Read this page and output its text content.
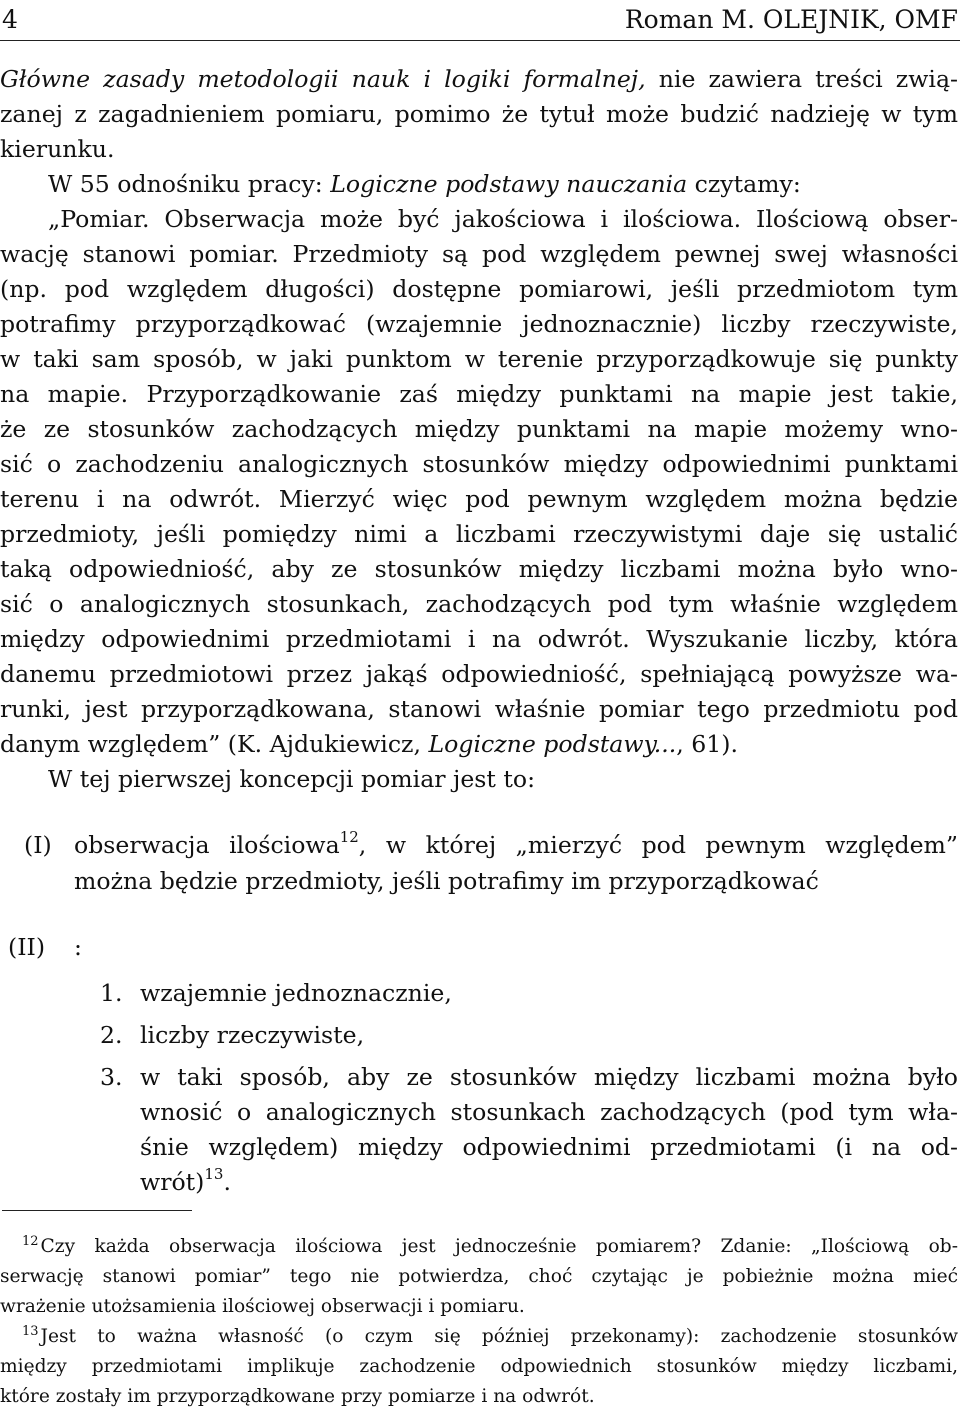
4	Roman M. OLEJNIK, OMF
Główne zasady metodologii nauk i logiki formalnej, nie zawiera treści zwią-
zanej z zagadnieniem pomiaru, pomimo że tytuł może budzić nadzieję w tym
kierunku.
W 55 odnośniku pracy: Logiczne podstawy nauczania czytamy:
„Pomiar. Obserwacja może być jakościowa i ilościowa. Ilościową obser-
wację stanowi pomiar. Przedmioty są pod względem pewnej swej własności
(np. pod względem długości) dostępne pomiarowi, jeśli przedmiotom tym
potrafimy przyporządkować (wzajemnie jednoznacznie) liczby rzeczywiste,
w taki sam sposób, w jaki punktom w terenie przyporządkowuje się punkty
na mapie. Przyporządkowanie zaś między punktami na mapie jest takie,
że ze stosunków zachodzących między punktami na mapie możemy wno-
sić o zachodzeniu analogicznych stosunków między odpowiednimi punktami
terenu i na odwrót. Mierzyć więc pod pewnym względem można będzie
przedmioty, jeśli pomiędzy nimi a liczbami rzeczywistymi daje się ustalić
taką odpowiedniość, aby ze stosunków między liczbami można było wno-
sić o analogicznych stosunkach, zachodzących pod tym właśnie względem
między odpowiednimi przedmiotami i na odwrót. Wyszukanie liczby, która
danemu przedmiotowi przez jakąś odpowiedniość, spełniającą powyższe wa-
runki, jest przyporządkowana, stanowi właśnie pomiar tego przedmiotu pod
danym względem” (K. Ajdukiewicz, Logiczne podstawy..., 61).
W tej pierwszej koncepcji pomiar jest to:
(I) obserwacja ilościowa$^{12}$, w której „mierzyć pod pewnym względem”
można będzie przedmioty, jeśli potrafimy im przyporządkować
(II) :
1. wzajemnie jednoznacznie,
2. liczby rzeczywiste,
3. w taki sposób, aby ze stosunków między liczbami można było
wnosić o analogicznych stosunkach zachodzących (pod tym wła-
śnie względem) między odpowiednimi przedmiotami (i na od-
wrót)$^{13}$.
$^{12}$ Czy każda obserwacja ilościowa jest jednocześnie pomiarem? Zdanie: „Ilościową ob-
serwację stanowi pomiar” tego nie potwierdza, choć czytając je pobieżnie można mieć
wrażenie utożsamienia ilościowej obserwacji i pomiaru.
$^{13}$ Jest to ważna własność (o czym się później przekonamy): zachodzenie stosunków
między przedmiotami implikuje zachodzenie odpowiednich stosunków między liczbami,
które zostały im przyporządkowane przy pomiarze i na odwrót.
